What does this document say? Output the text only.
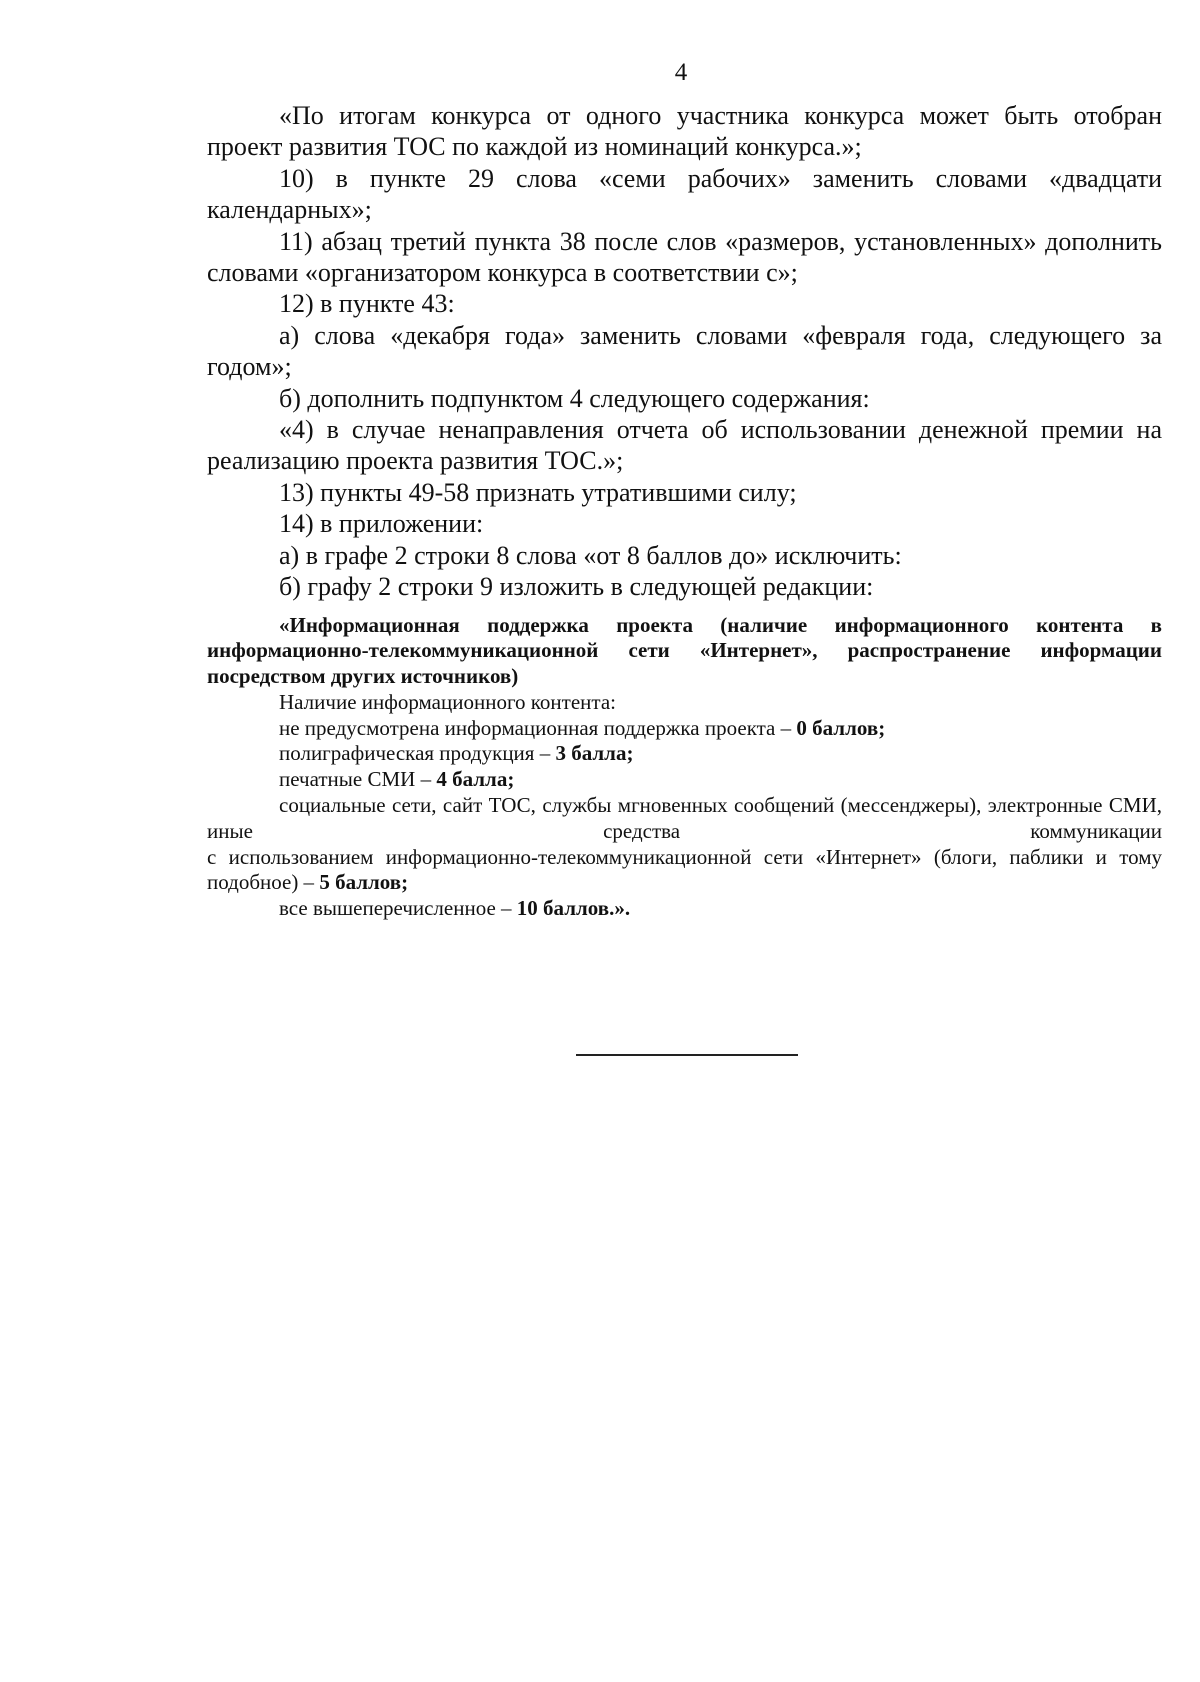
4

«По итогам конкурса от одного участника конкурса может быть отобран проект развития ТОС по каждой из номинаций конкурса.»;

10) в пункте 29 слова «семи рабочих» заменить словами «двадцати календарных»;

11) абзац третий пункта 38 после слов «размеров, установленных» дополнить словами «организатором конкурса в соответствии с»;

12) в пункте 43:

а) слова «декабря года» заменить словами «февраля года, следующего за годом»;

б) дополнить подпунктом 4 следующего содержания:

«4) в случае ненаправления отчета об использовании денежной премии на реализацию проекта развития ТОС.»;

13) пункты 49-58 признать утратившими силу;

14) в приложении:

а) в графе 2 строки 8 слова «от 8 баллов до» исключить:

б) графу 2 строки 9 изложить в следующей редакции:

«Информационная поддержка проекта (наличие информационного контента в информационно-телекоммуникационной сети «Интернет», распространение информации посредством других источников)

Наличие информационного контента:

не предусмотрена информационная поддержка проекта – 0 баллов;

полиграфическая продукция – 3 балла;

печатные СМИ – 4 балла;

социальные сети, сайт ТОС, службы мгновенных сообщений (мессенджеры), электронные СМИ, иные средства коммуникации

с использованием информационно-телекоммуникационной сети «Интернет» (блоги, паблики и тому подобное) – 5 баллов;

все вышеперечисленное – 10 баллов.».
